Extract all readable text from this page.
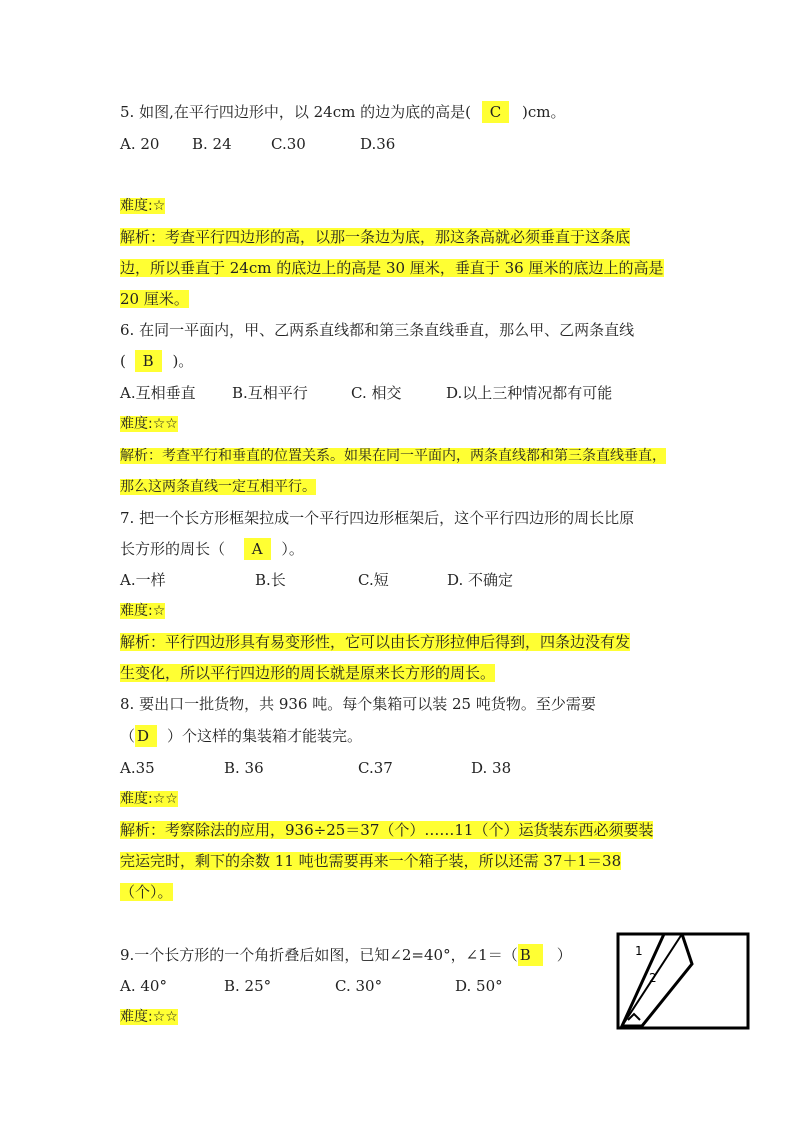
5. 如图,在平行四边形中，以 24cm 的边为底的高是( C )cm。
A. 20 B. 24	C.30	D.36
难度:☆
解析：考查平行四边形的高，以那一条边为底，那这条高就必须垂直于这条底
边，所以垂直于 24cm 的底边上的高是 30 厘米，垂直于 36 厘米的底边上的高是
20 厘米。
6. 在同一平面内，甲、乙两系直线都和第三条直线垂直，那么甲、乙两条直线
( B )。
A.互相垂直 B.互相平行	C. 相交	D.以上三种情况都有可能
难度:☆☆
解析：考查平行和垂直的位置关系。如果在同一平面内，两条直线都和第三条直线垂直，
那么这两条直线一定互相平行。
7. 把一个长方形框架拉成一个平行四边形框架后，这个平行四边形的周长比原
长方形的周长（ A ）。
A.一样	B.长	C.短	D. 不确定
难度:☆
解析：平行四边形具有易变形性，它可以由长方形拉伸后得到，四条边没有发
生变化，所以平行四边形的周长就是原来长方形的周长。
8. 要出口一批货物，共 936 吨。每个集箱可以装 25 吨货物。至少需要
（ D ）个这样的集装箱才能装完。
A.35	B. 36	C.37	D. 38
难度:☆☆
解析：考察除法的应用，936÷25＝37（个）……11（个）运货装东西必须要装
完运完时，剩下的余数 11 吨也需要再来一个箱子装，所以还需 37＋1＝38
（个）。
9.一个长方形的一个角折叠后如图，已知∠2=40°，∠1＝（ B ）
A. 40°	B. 25°	C. 30°	D. 50°
难度:☆☆
1
2
